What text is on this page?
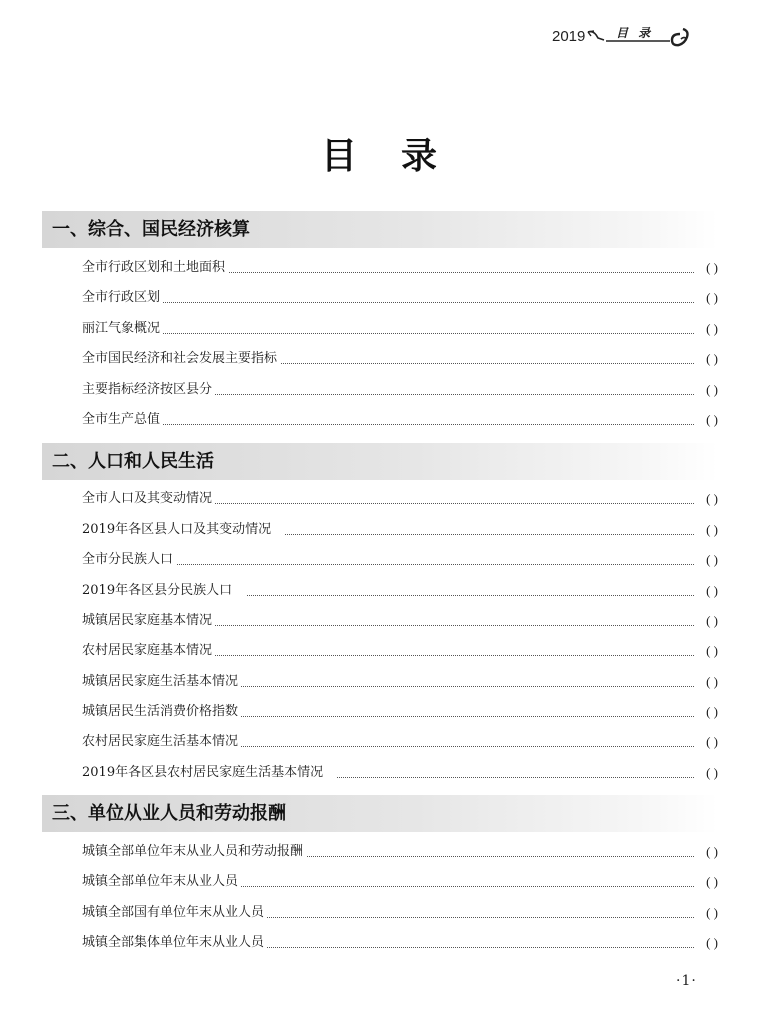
2019	目 录
目录
一、综合、国民经济核算
全市行政区划和土地面积	( )
全市行政区划	( )
丽江气象概况	( )
全市国民经济和社会发展主要指标	( )
主要指标经济按区县分	( )
全市生产总值	( )
二、人口和人民生活
全市人口及其变动情况	( )
2019年各区县人口及其变动情况	( )
全市分民族人口	( )
2019年各区县分民族人口	( )
城镇居民家庭基本情况	( )
农村居民家庭基本情况	( )
城镇居民家庭生活基本情况	( )
城镇居民生活消费价格指数	( )
农村居民家庭生活基本情况	( )
2019年各区县农村居民家庭生活基本情况	( )
三、单位从业人员和劳动报酬
城镇全部单位年末从业人员和劳动报酬	( )
城镇全部单位年末从业人员	( )
城镇全部国有单位年末从业人员	( )
城镇全部集体单位年末从业人员	( )
·1·
